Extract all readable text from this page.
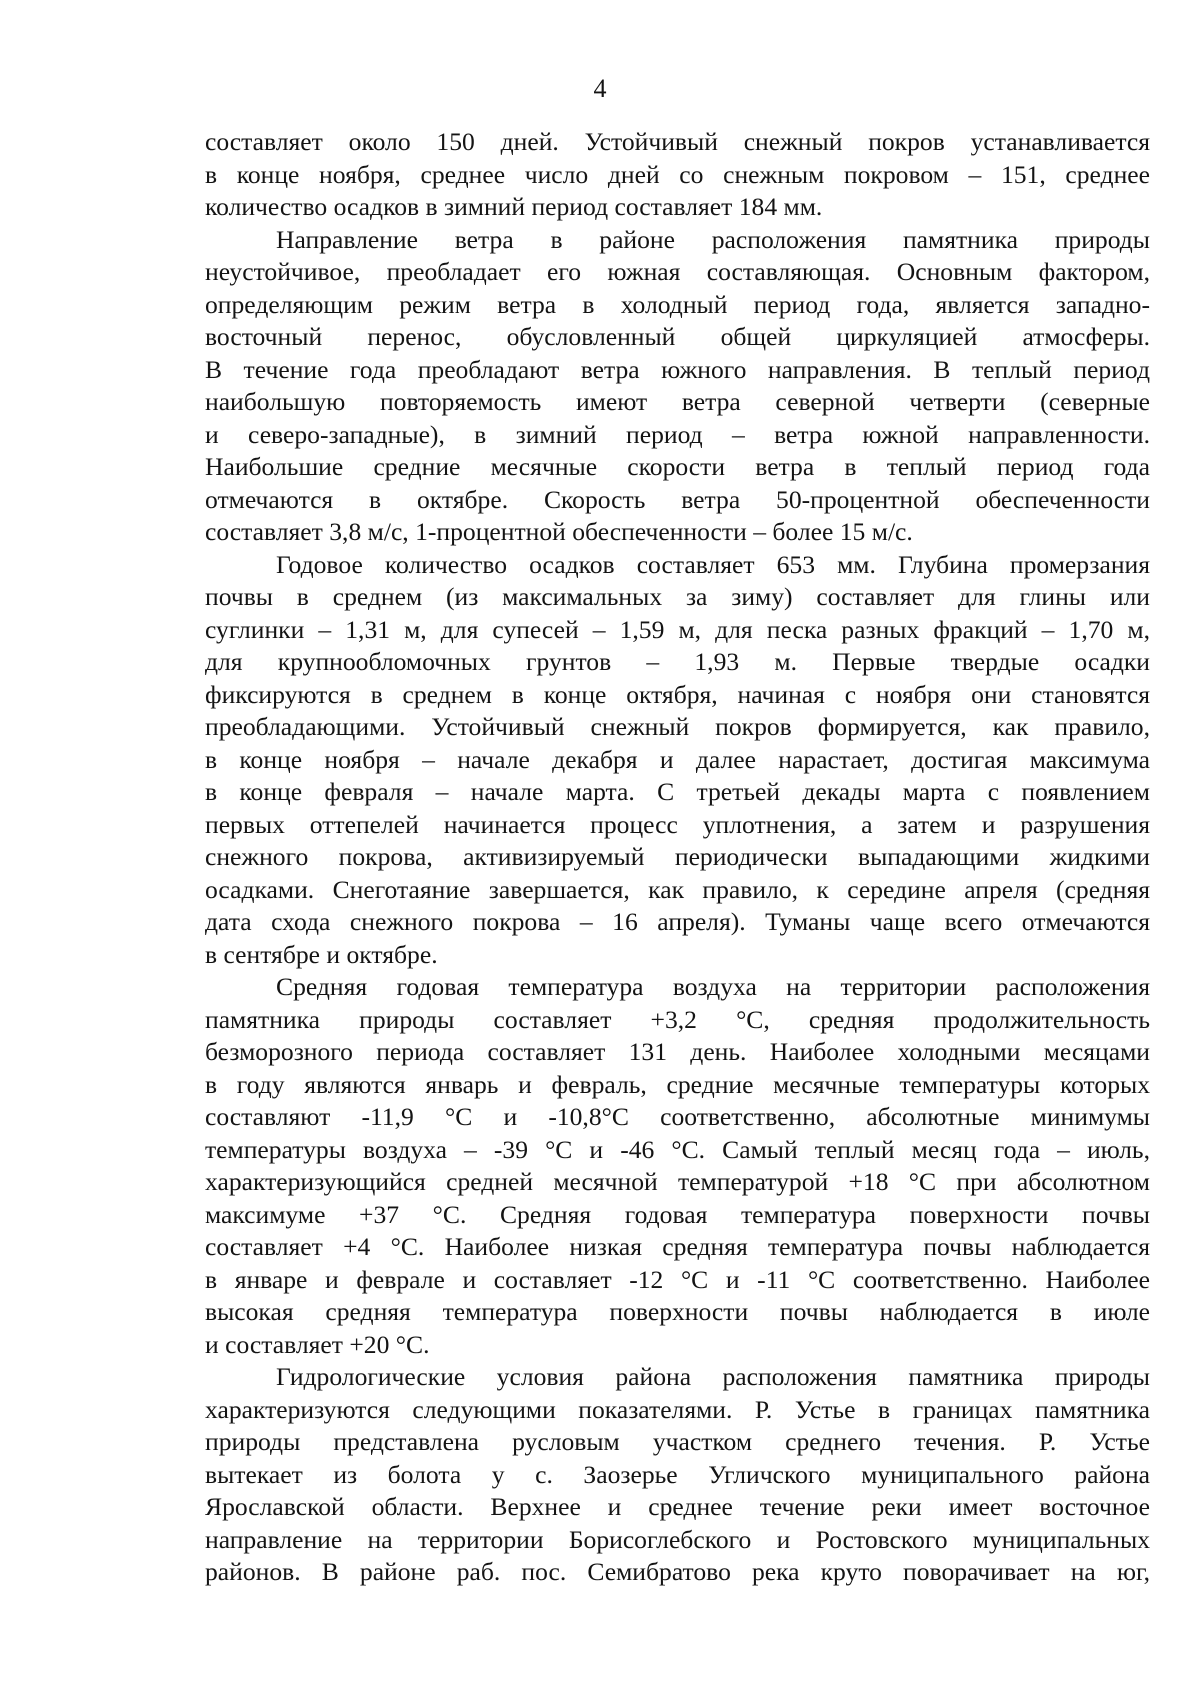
4
составляет около 150 дней. Устойчивый снежный покров устанавливается
в конце ноября, среднее число дней со снежным покровом – 151, среднее
количество осадков в зимний период составляет 184 мм.
Направление ветра в районе расположения памятника природы
неустойчивое, преобладает его южная составляющая. Основным фактором,
определяющим режим ветра в холодный период года, является западно-
восточный перенос, обусловленный общей циркуляцией атмосферы.
В течение года преобладают ветра южного направления. В теплый период
наибольшую повторяемость имеют ветра северной четверти (северные
и северо-западные), в зимний период – ветра южной направленности.
Наибольшие средние месячные скорости ветра в теплый период года
отмечаются в октябре. Скорость ветра 50-процентной обеспеченности
составляет 3,8 м/с, 1-процентной обеспеченности – более 15 м/с.
Годовое количество осадков составляет 653 мм. Глубина промерзания
почвы в среднем (из максимальных за зиму) составляет для глины или
суглинки – 1,31 м, для супесей – 1,59 м, для песка разных фракций – 1,70 м,
для крупнообломочных грунтов – 1,93 м. Первые твердые осадки
фиксируются в среднем в конце октября, начиная с ноября они становятся
преобладающими. Устойчивый снежный покров формируется, как правило,
в конце ноября – начале декабря и далее нарастает, достигая максимума
в конце февраля – начале марта. С третьей декады марта с появлением
первых оттепелей начинается процесс уплотнения, а затем и разрушения
снежного покрова, активизируемый периодически выпадающими жидкими
осадками. Снеготаяние завершается, как правило, к середине апреля (средняя
дата схода снежного покрова – 16 апреля). Туманы чаще всего отмечаются
в сентябре и октябре.
Средняя годовая температура воздуха на территории расположения
памятника природы составляет +3,2 °С, средняя продолжительность
безморозного периода составляет 131 день. Наиболее холодными месяцами
в году являются январь и февраль, средние месячные температуры которых
составляют -11,9 °С и -10,8°С соответственно, абсолютные минимумы
температуры воздуха – -39 °С и -46 °С. Самый теплый месяц года – июль,
характеризующийся средней месячной температурой +18 °С при абсолютном
максимуме +37 °С. Средняя годовая температура поверхности почвы
составляет +4 °С. Наиболее низкая средняя температура почвы наблюдается
в январе и феврале и составляет -12 °С и -11 °С соответственно. Наиболее
высокая средняя температура поверхности почвы наблюдается в июле
и составляет +20 °С.
Гидрологические условия района расположения памятника природы
характеризуются следующими показателями. Р. Устье в границах памятника
природы представлена русловым участком среднего течения. Р. Устье
вытекает из болота у с. Заозерье Угличского муниципального района
Ярославской области. Верхнее и среднее течение реки имеет восточное
направление на территории Борисоглебского и Ростовского муниципальных
районов. В районе раб. пос. Семибратово река круто поворачивает на юг,
